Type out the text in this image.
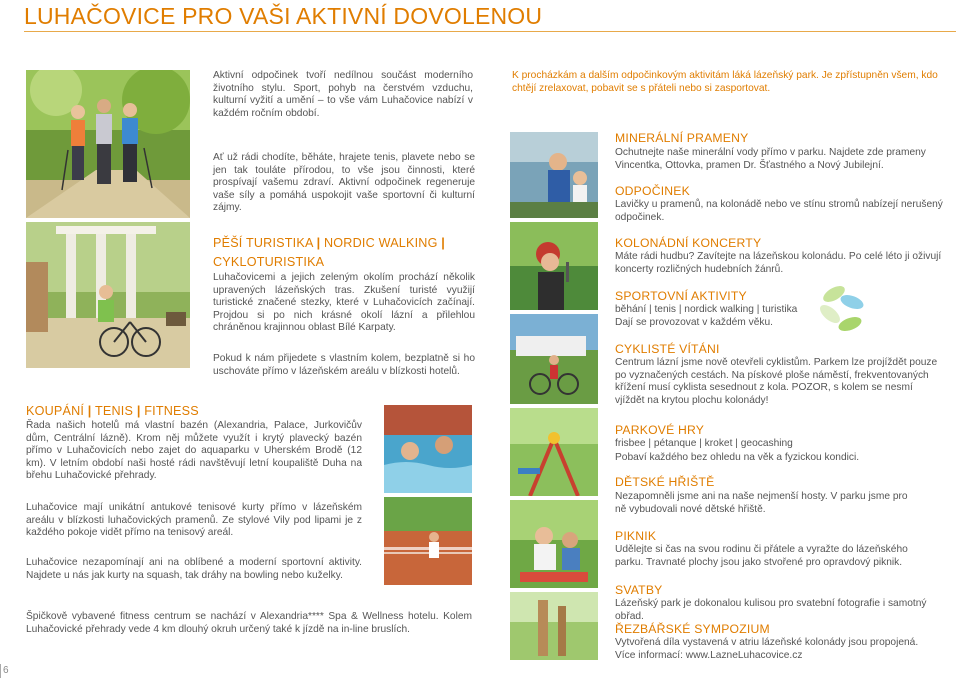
LUHAČOVICE PRO VAŠI AKTIVNÍ DOVOLENOU
Aktivní odpočinek tvoří nedílnou součást moderního životního stylu. Sport, pohyb na čerstvém vzduchu, kulturní vyžití a umění – to vše vám Luhačovice nabízí v každém ročním období.
Ať už rádi chodíte, běháte, hrajete tenis, plavete nebo se jen tak touláte přírodou, to vše jsou činnosti, které prospívají vašemu zdraví. Aktivní odpočinek regeneruje vaše síly a pomáhá uspokojit vaše sportovní či kulturní zájmy.
PĚŠÍ TURISTIKA | NORDIC WALKING |
CYKLOTURISTIKA
Luhačovicemi a jejich zeleným okolím prochází několik upravených lázeňských tras. Zkušení turisté využijí turistické značené stezky, které v Luhačovicích začínají. Projdou si po nich krásné okolí lázní a přilehlou chráněnou krajinnou oblast Bílé Karpaty.
Pokud k nám přijedete s vlastním kolem, bezplatně si ho uschováte přímo v lázeňském areálu v blízkosti hotelů.
KOUPÁNÍ | TENIS | FITNESS
Řada našich hotelů má vlastní bazén (Alexandria, Palace, Jurkovičův dům, Centrální lázně). Krom něj můžete využít i krytý plavecký bazén přímo v Luhačovicích nebo zajet do aquaparku v Uherském Brodě (12 km). V letním období naši hosté rádi navštěvují letní koupaliště Duha na břehu Luhačovické přehrady.
Luhačovice mají unikátní antukové tenisové kurty přímo v lázeňském areálu v blízkosti luhačovických pramenů. Ze stylové Vily pod lipami je z každého pokoje vidět přímo na tenisový areál.
Luhačovice nezapomínají ani na oblíbené a moderní sportovní aktivity. Najdete u nás jak kurty na squash, tak dráhy na bowling nebo kuželky.
Špičkově vybavené fitness centrum se nachází v Alexandria**** Spa & Wellness hotelu. Kolem Luhačovické přehrady vede 4 km dlouhý okruh určený také k jízdě na in-line bruslích.
K procházkám a dalším odpočinkovým aktivitám láká lázeňský park. Je zpřístupněn všem, kdo chtějí zrelaxovat, pobavit se s přáteli nebo si zasportovat.
MINERÁLNÍ PRAMENY
Ochutnejte naše minerální vody přímo v parku. Najdete zde prameny Vincentka, Ottovka, pramen Dr. Šťastného a Nový Jubilejní.
ODPOČINEK
Lavičky u pramenů, na kolonádě nebo ve stínu stromů nabízejí nerušený odpočinek.
KOLONÁDNÍ KONCERTY
Máte rádi hudbu? Zavítejte na lázeňskou kolonádu. Po celé léto ji oživují koncerty rozličných hudebních žánrů.
SPORTOVNÍ AKTIVITY
běhání | tenis | nordick walking | turistika
Dají se provozovat v každém věku.
CYKLISTÉ VÍTÁNI
Centrum lázní jsme nově otevřeli cyklistům. Parkem lze projíždět pouze po vyznačených cestách. Na pískové ploše náměstí, frekventovaných křížení musí cyklista sesednout z kola. POZOR, s kolem se nesmí vjíždět na krytou plochu kolonády!
PARKOVÉ HRY
frisbee | pétanque | kroket | geocashing
Pobaví každého bez ohledu na věk a fyzickou kondici.
DĚTSKÉ HŘIŠTĚ
Nezapomněli jsme ani na naše nejmenší hosty. V parku jsme pro ně vybudovali nové dětské hřiště.
PIKNIK
Udělejte si čas na svou rodinu či přátele a vyražte do lázeňského parku. Travnaté plochy jsou jako stvořené pro opravdový piknik.
SVATBY
Lázeňský park je dokonalou kulisou pro svatební fotografie i samotný obřad.
ŘEZBÁŘSKÉ SYMPOZIUM
Vytvořená díla vystavená v atriu lázeňské kolonády jsou propojená.
Více informací: www.LazneLuhacovice.cz
6
